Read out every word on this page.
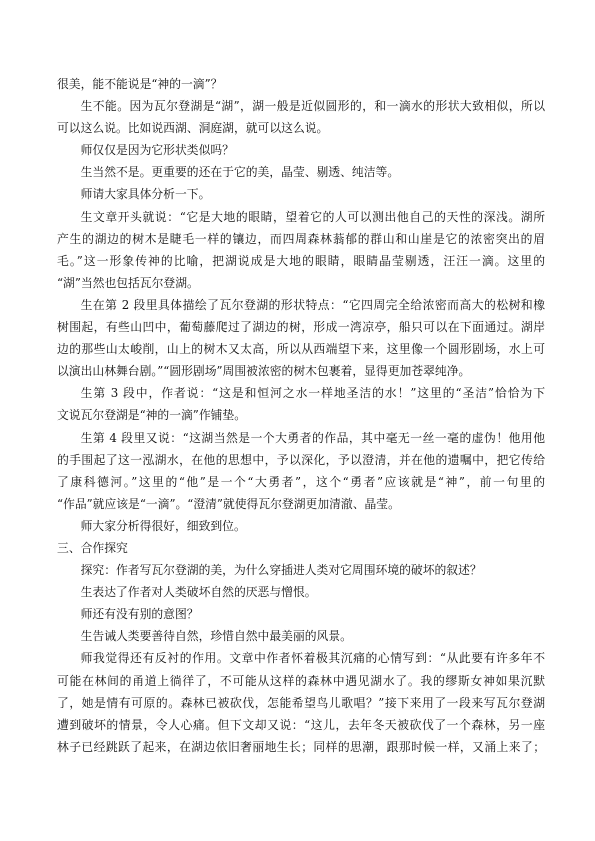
很美，能不能说是“神的一滴”？
生不能。因为瓦尔登湖是“湖”，湖一般是近似圆形的，和一滴水的形状大致相似，所以
可以这么说。比如说西湖、洞庭湖，就可以这么说。
师仅仅是因为它形状类似吗？
生当然不是。更重要的还在于它的美，晶莹、剔透、纯洁等。
师请大家具体分析一下。
生文章开头就说：“它是大地的眼睛，望着它的人可以测出他自己的天性的深浅。湖所
产生的湖边的树木是睫毛一样的镶边，而四周森林蓊郁的群山和山崖是它的浓密突出的眉
毛。”这一形象传神的比喻，把湖说成是大地的眼睛，眼睛晶莹剔透，汪汪一滴。这里的
“湖”当然也包括瓦尔登湖。
生在第 2 段里具体描绘了瓦尔登湖的形状特点：“它四周完全给浓密而高大的松树和橡
树围起，有些山凹中，葡萄藤爬过了湖边的树，形成一湾凉亭，船只可以在下面通过。湖岸
边的那些山太峻削，山上的树木又太高，所以从西端望下来，这里像一个圆形剧场，水上可
以演出山林舞台剧。”“圆形剧场”周围被浓密的树木包裹着，显得更加苍翠纯净。
生第 3 段中，作者说：“这是和恒河之水一样地圣洁的水！”这里的“圣洁”恰恰为下
文说瓦尔登湖是“神的一滴”作铺垫。
生第 4 段里又说：“这湖当然是一个大勇者的作品，其中毫无一丝一毫的虚伪！他用他
的手围起了这一泓湖水，在他的思想中，予以深化，予以澄清，并在他的遗嘱中，把它传给
了康科德河。”这里的“他”是一个“大勇者”，这个“勇者”应该就是“神”，前一句里的
“作品”就应该是“一滴”。“澄清”就使得瓦尔登湖更加清澈、晶莹。
师大家分析得很好，细致到位。
三、合作探究
探究：作者写瓦尔登湖的美，为什么穿插进人类对它周围环境的破坏的叙述？
生表达了作者对人类破坏自然的厌恶与憎恨。
师还有没有别的意图？
生告诫人类要善待自然，珍惜自然中最美丽的风景。
师我觉得还有反衬的作用。文章中作者怀着极其沉痛的心情写到：“从此要有许多年不
可能在林间的甬道上徜徉了，不可能从这样的森林中遇见湖水了。我的缪斯女神如果沉默
了，她是情有可原的。森林已被砍伐，怎能希望鸟儿歌唱？”接下来用了一段来写瓦尔登湖
遭到破坏的情景，令人心痛。但下文却又说：“这儿，去年冬天被砍伐了一个森林，另一座
林子已经跳跃了起来，在湖边依旧奢丽地生长；同样的思潮，跟那时候一样，又涌上来了；
